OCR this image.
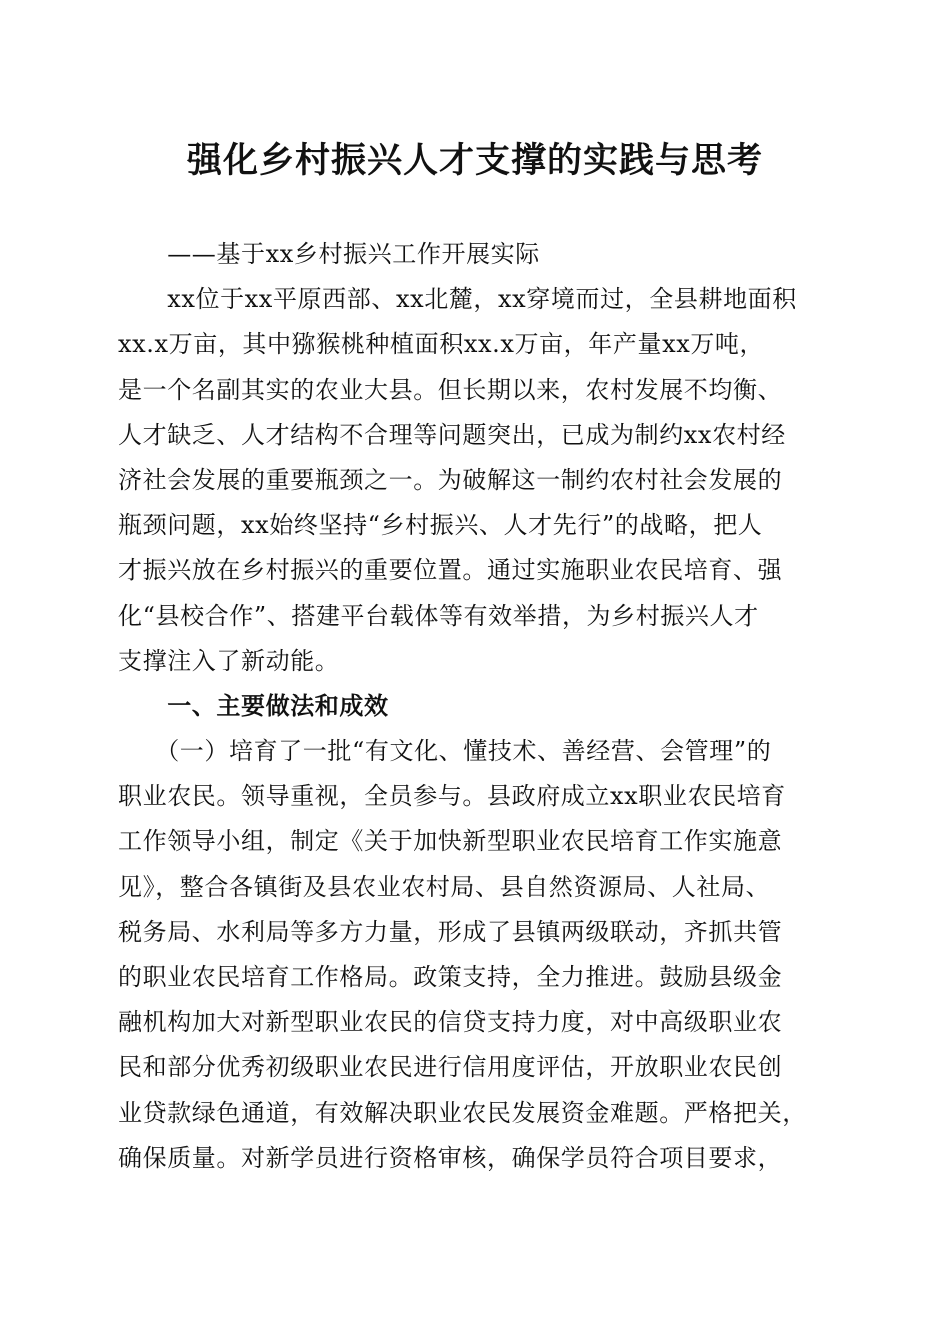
强化乡村振兴人才支撑的实践与思考
　　——基于xx乡村振兴工作开展实际
　　xx位于xx平原西部、xx北麓，xx穿境而过，全县耕地面积
xx.x万亩，其中猕猴桃种植面积xx.x万亩，年产量xx万吨，
是一个名副其实的农业大县。但长期以来，农村发展不均衡、
人才缺乏、人才结构不合理等问题突出，已成为制约xx农村经
济社会发展的重要瓶颈之一。为破解这一制约农村社会发展的
瓶颈问题，xx始终坚持“乡村振兴、人才先行”的战略，把人
才振兴放在乡村振兴的重要位置。通过实施职业农民培育、强
化“县校合作”、搭建平台载体等有效举措，为乡村振兴人才
支撑注入了新动能。
　　一、主要做法和成效
　　（一）培育了一批“有文化、懂技术、善经营、会管理”的
职业农民。领导重视，全员参与。县政府成立xx职业农民培育
工作领导小组，制定《关于加快新型职业农民培育工作实施意
见》，整合各镇街及县农业农村局、县自然资源局、人社局、
税务局、水利局等多方力量，形成了县镇两级联动，齐抓共管
的职业农民培育工作格局。政策支持，全力推进。鼓励县级金
融机构加大对新型职业农民的信贷支持力度，对中高级职业农
民和部分优秀初级职业农民进行信用度评估，开放职业农民创
业贷款绿色通道，有效解决职业农民发展资金难题。严格把关，
确保质量。对新学员进行资格审核，确保学员符合项目要求，
